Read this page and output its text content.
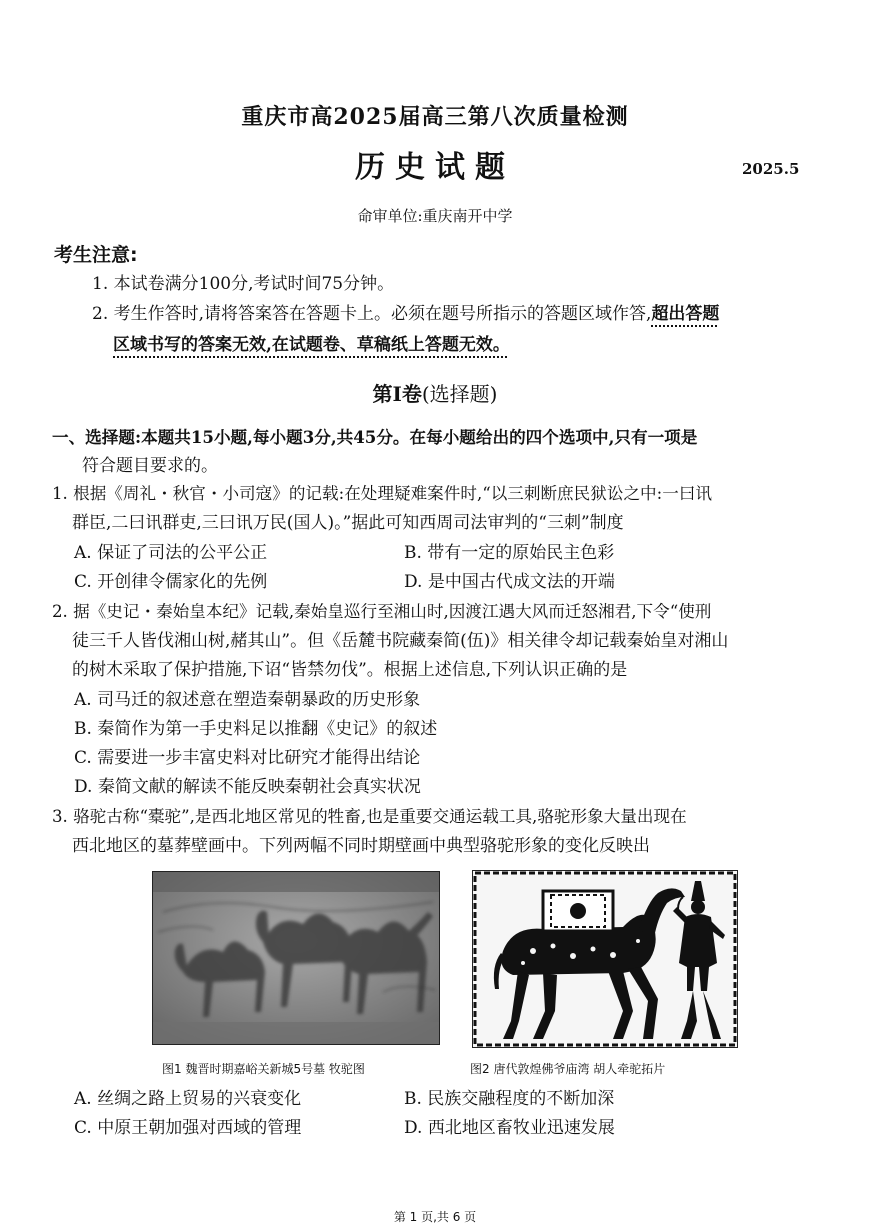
重庆市高2025届高三第八次质量检测
历史试题	2025.5
命审单位:重庆南开中学
考生注意:
1. 本试卷满分100分,考试时间75分钟。
2. 考生作答时,请将答案答在答题卡上。必须在题号所指示的答题区域作答,超出答题
区域书写的答案无效,在试题卷、草稿纸上答题无效。
第Ⅰ卷(选择题)
一、选择题:本题共15小题,每小题3分,共45分。在每小题给出的四个选项中,只有一项是
符合题目要求的。
1. 根据《周礼・秋官・小司寇》的记载:在处理疑难案件时,“以三刺断庶民狱讼之中:一曰讯
群臣,二曰讯群吏,三曰讯万民(国人)。”据此可知西周司法审判的“三刺”制度
A. 保证了司法的公平公正	B. 带有一定的原始民主色彩
C. 开创律令儒家化的先例	D. 是中国古代成文法的开端
2. 据《史记・秦始皇本纪》记载,秦始皇巡行至湘山时,因渡江遇大风而迁怒湘君,下令“使刑
徒三千人皆伐湘山树,赭其山”。但《岳麓书院藏秦简(伍)》相关律令却记载秦始皇对湘山
的树木采取了保护措施,下诏“皆禁勿伐”。根据上述信息,下列认识正确的是
A. 司马迁的叙述意在塑造秦朝暴政的历史形象
B. 秦简作为第一手史料足以推翻《史记》的叙述
C. 需要进一步丰富史料对比研究才能得出结论
D. 秦简文献的解读不能反映秦朝社会真实状况
3. 骆驼古称“橐驼”,是西北地区常见的牲畜,也是重要交通运载工具,骆驼形象大量出现在
西北地区的墓葬壁画中。下列两幅不同时期壁画中典型骆驼形象的变化反映出
图1 魏晋时期嘉峪关新城5号墓 牧驼图	图2 唐代敦煌佛爷庙湾 胡人牵驼拓片
A. 丝绸之路上贸易的兴衰变化	B. 民族交融程度的不断加深
C. 中原王朝加强对西域的管理	D. 西北地区畜牧业迅速发展
第 1 页,共 6 页
